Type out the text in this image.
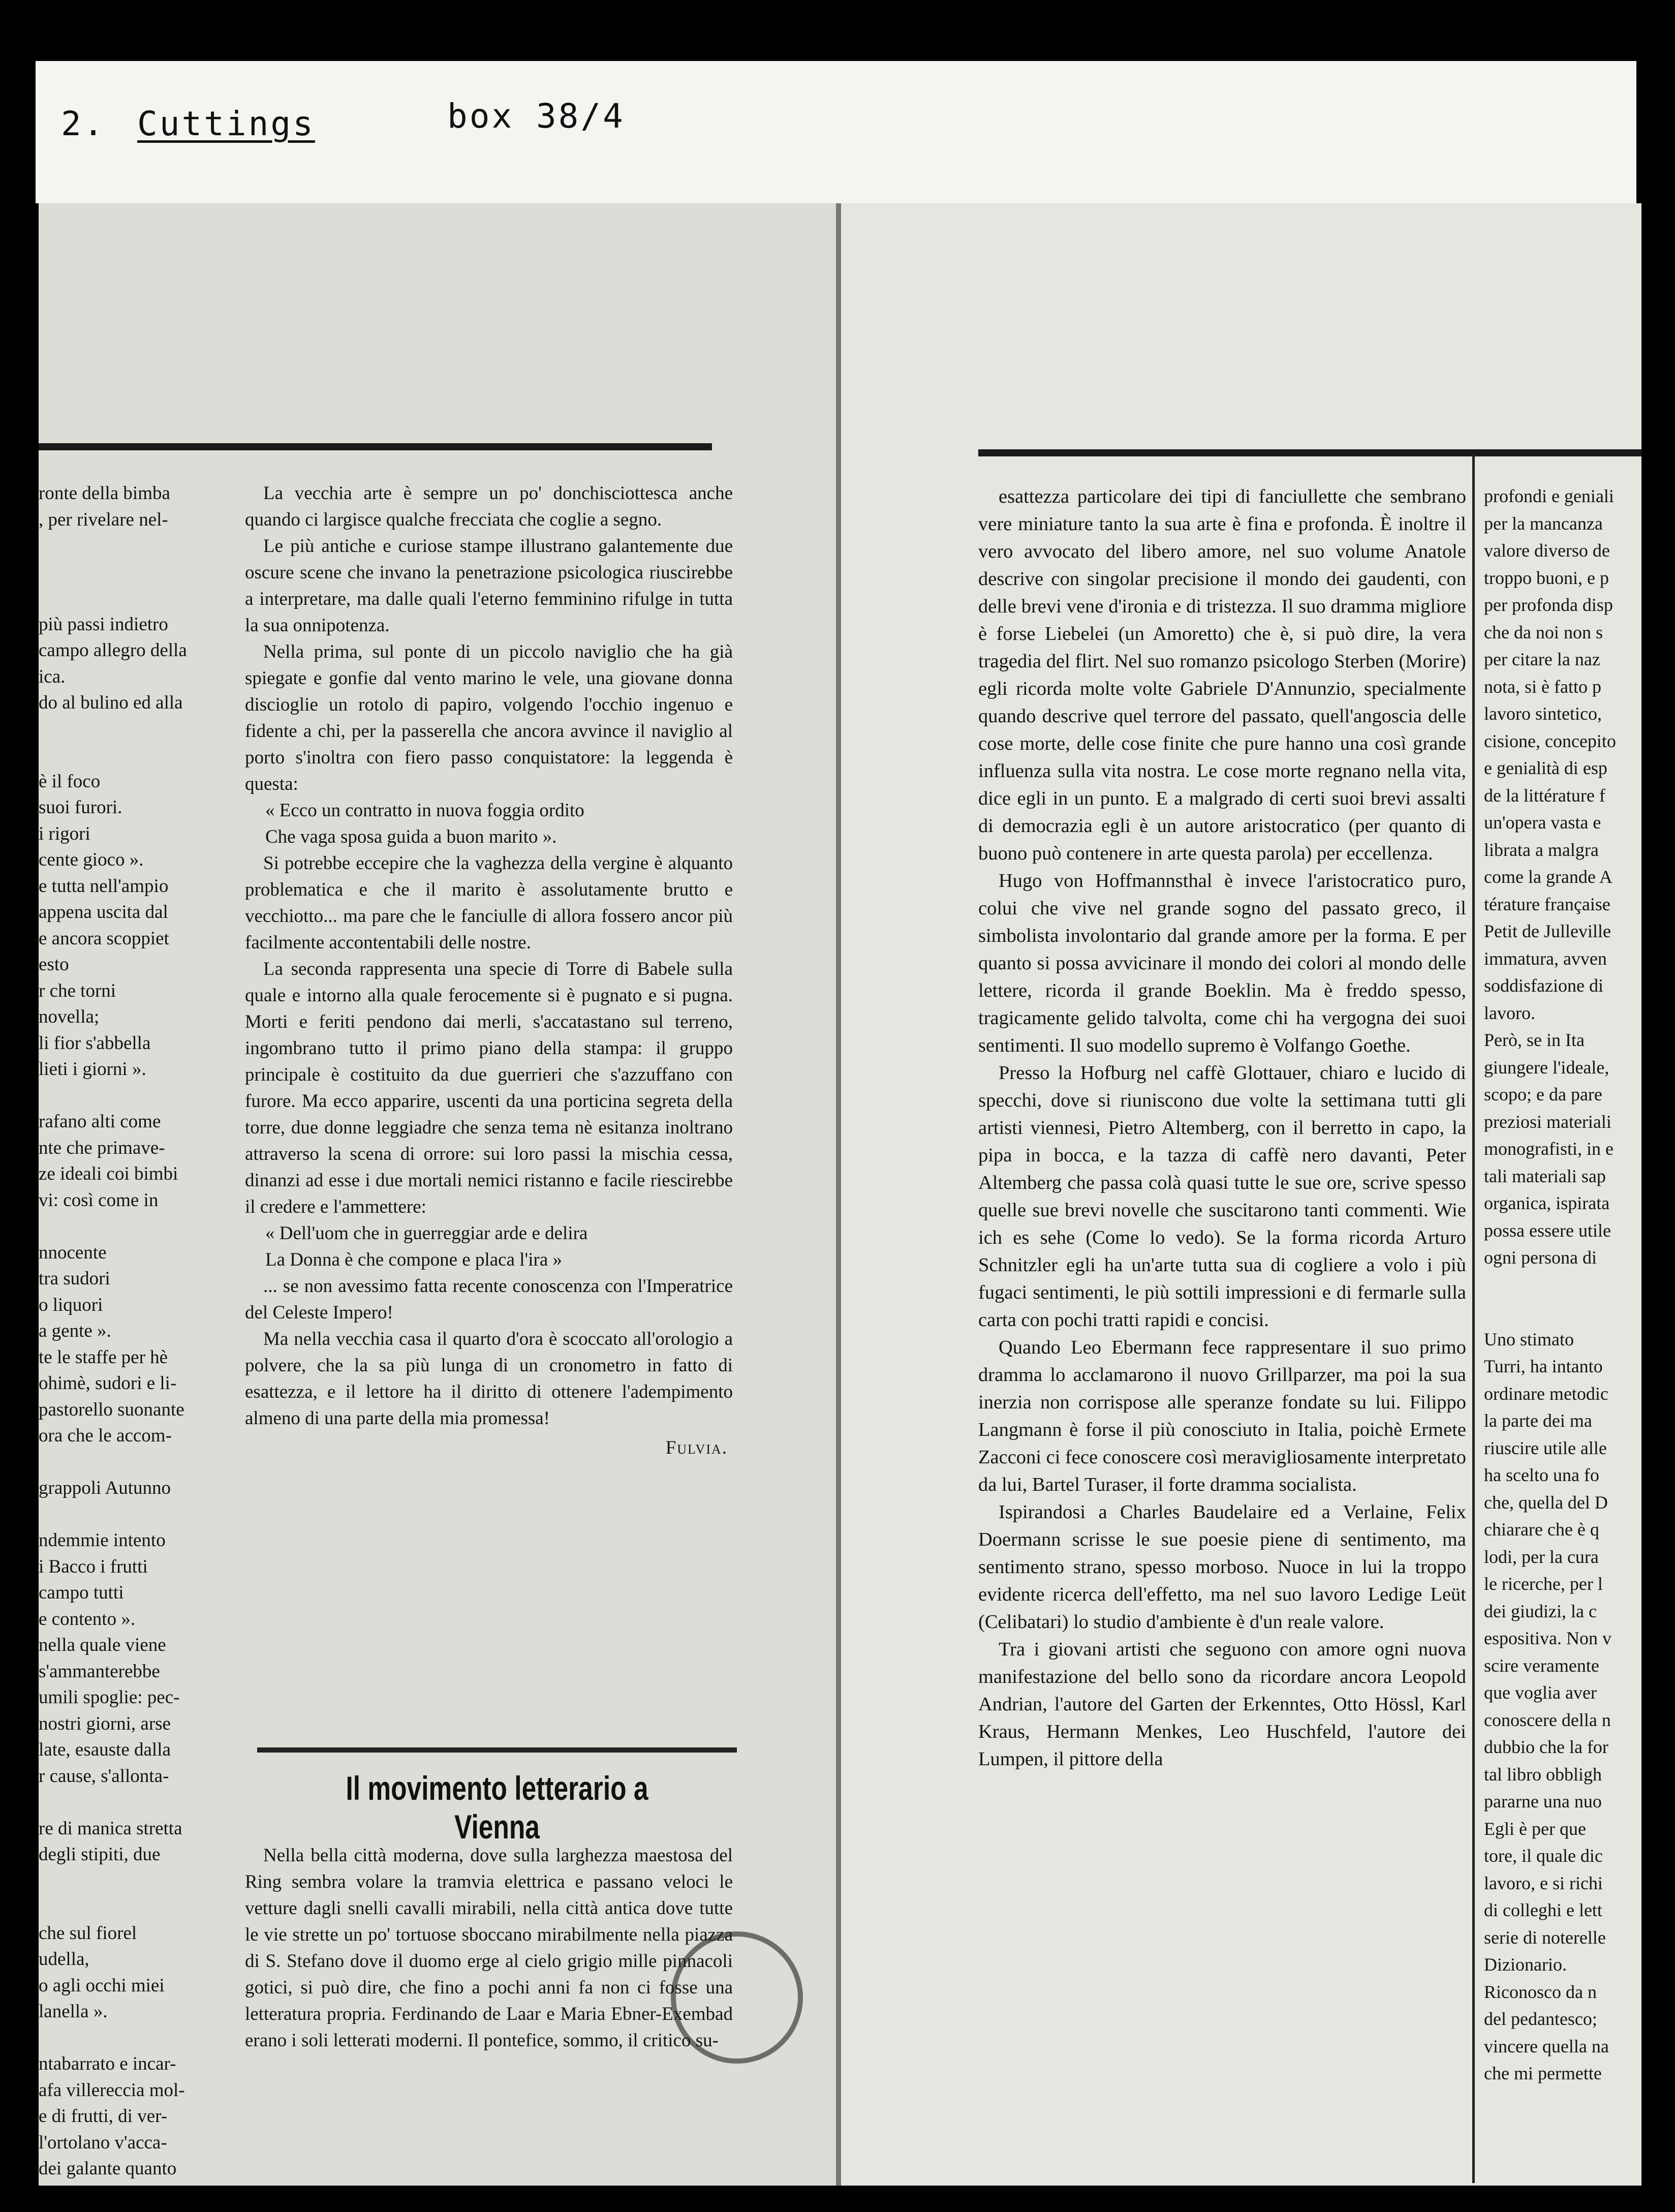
2. Cuttings	box 38/4
ronte della bimba
, per rivelare nel-

più passi indietro
campo allegro della
ica.
do al bulino ed alla

è il foco
suoi furori.
i rigori
cente gioco ».
e tutta nell'ampio
appena uscita dal
e ancora scoppiet
esto
r che torni
novella;
li fior s'abbella
lieti i giorni ».

rafano alti come
nte che primave-
ze ideali coi bimbi
vi: così come in

nnocente
tra sudori
o liquori
a gente ».
te le staffe per hè
ohimè, sudori e li-
pastorello suonante
ora che le accom-

grappoli Autunno

ndemmie intento
i Bacco i frutti
campo tutti
e contento ».
nella quale viene
s'ammanterebbe
umili spoglie: pec-
nostri giorni, arse
late, esauste dalla
r cause, s'allonta-

re di manica stretta
degli stipiti, due

che sul fiorel
udella,
o agli occhi miei
lanella ».

ntabarrato e incar-
afa villereccia mol-
e di frutti, di ver-
l'ortolano v'acca-
dei galante quanto

La vecchia arte è sempre un po' donchisciottesca anche quando ci largisce qualche frecciata che coglie a segno.

Le più antiche e curiose stampe illustrano galantemente due oscure scene che invano la penetrazione psicologica riuscirebbe a interpretare, ma dalle quali l'eterno femminino rifulge in tutta la sua onnipotenza.

Nella prima, sul ponte di un piccolo naviglio che ha già spiegate e gonfie dal vento marino le vele, una giovane donna discioglie un rotolo di papiro, volgendo l'occhio ingenuo e fidente a chi, per la passerella che ancora avvince il naviglio al porto s'inoltra con fiero passo conquistatore: la leggenda è questa:

« Ecco un contratto in nuova foggia ordito

Che vaga sposa guida a buon marito ».

Si potrebbe eccepire che la vaghezza della vergine è alquanto problematica e che il marito è assolutamente brutto e vecchiotto... ma pare che le fanciulle di allora fossero ancor più facilmente accontentabili delle nostre.

La seconda rappresenta una specie di Torre di Babele sulla quale e intorno alla quale ferocemente si è pugnato e si pugna. Morti e feriti pendono dai merli, s'accatastano sul terreno, ingombrano tutto il primo piano della stampa: il gruppo principale è costituito da due guerrieri che s'azzuffano con furore. Ma ecco apparire, uscenti da una porticina segreta della torre, due donne leggiadre che senza tema nè esitanza inoltrano attraverso la scena di orrore: sui loro passi la mischia cessa, dinanzi ad esse i due mortali nemici ristanno e facile riescirebbe il credere e l'ammettere:

« Dell'uom che in guerreggiar arde e delira

La Donna è che compone e placa l'ira »

... se non avessimo fatta recente conoscenza con l'Imperatrice del Celeste Impero!

Ma nella vecchia casa il quarto d'ora è scoccato all'orologio a polvere, che la sa più lunga di un cronometro in fatto di esattezza, e il lettore ha il diritto di ottenere l'adempimento almeno di una parte della mia promessa!

Fulvia.

Il movimento letterario a Vienna

Nella bella città moderna, dove sulla larghezza maestosa del Ring sembra volare la tramvia elettrica e passano veloci le vetture dagli snelli cavalli mirabili, nella città antica dove tutte le vie strette un po' tortuose sboccano mirabilmente nella piazza di S. Stefano dove il duomo erge al cielo grigio mille pinnacoli gotici, si può dire, che fino a pochi anni fa non ci fosse una letteratura propria. Ferdinando de Laar e Maria Ebner-Exembad erano i soli letterati moderni. Il pontefice, sommo, il critico su-

esattezza particolare dei tipi di fanciullette che sembrano vere miniature tanto la sua arte è fina e profonda. È inoltre il vero avvocato del libero amore, nel suo volume Anatole descrive con singolar precisione il mondo dei gaudenti, con delle brevi vene d'ironia e di tristezza. Il suo dramma migliore è forse Liebelei (un Amoretto) che è, si può dire, la vera tragedia del flirt. Nel suo romanzo psicologo Sterben (Morire) egli ricorda molte volte Gabriele D'Annunzio, specialmente quando descrive quel terrore del passato, quell'angoscia delle cose morte, delle cose finite che pure hanno una così grande influenza sulla vita nostra. Le cose morte regnano nella vita, dice egli in un punto. E a malgrado di certi suoi brevi assalti di democrazia egli è un autore aristocratico (per quanto di buono può contenere in arte questa parola) per eccellenza.

Hugo von Hoffmannsthal è invece l'aristocratico puro, colui che vive nel grande sogno del passato greco, il simbolista involontario dal grande amore per la forma. E per quanto si possa avvicinare il mondo dei colori al mondo delle lettere, ricorda il grande Boeklin. Ma è freddo spesso, tragicamente gelido talvolta, come chi ha vergogna dei suoi sentimenti. Il suo modello supremo è Volfango Goethe.

Presso la Hofburg nel caffè Glottauer, chiaro e lucido di specchi, dove si riuniscono due volte la settimana tutti gli artisti viennesi, Pietro Altemberg, con il berretto in capo, la pipa in bocca, e la tazza di caffè nero davanti, Peter Altemberg che passa colà quasi tutte le sue ore, scrive spesso quelle sue brevi novelle che suscitarono tanti commenti. Wie ich es sehe (Come lo vedo). Se la forma ricorda Arturo Schnitzler egli ha un'arte tutta sua di cogliere a volo i più fugaci sentimenti, le più sottili impressioni e di fermarle sulla carta con pochi tratti rapidi e concisi.

Quando Leo Ebermann fece rappresentare il suo primo dramma lo acclamarono il nuovo Grillparzer, ma poi la sua inerzia non corrispose alle speranze fondate su lui. Filippo Langmann è forse il più conosciuto in Italia, poichè Ermete Zacconi ci fece conoscere così meravigliosamente interpretato da lui, Bartel Turaser, il forte dramma socialista.

Ispirandosi a Charles Baudelaire ed a Verlaine, Felix Doermann scrisse le sue poesie piene di sentimento, ma sentimento strano, spesso morboso. Nuoce in lui la troppo evidente ricerca dell'effetto, ma nel suo lavoro Ledige Leüt (Celibatari) lo studio d'ambiente è d'un reale valore.

Tra i giovani artisti che seguono con amore ogni nuova manifestazione del bello sono da ricordare ancora Leopold Andrian, l'autore del Garten der Erkenntes, Otto Hössl, Karl Kraus, Hermann Menkes, Leo Huschfeld, l'autore dei Lumpen, il pittore della

profondi e geniali
per la mancanza
valore diverso de
troppo buoni, e p
per profonda disp
che da noi non s
per citare la naz
nota, si è fatto p
lavoro sintetico,
cisione, concepito
e genialità di esp
de la littérature f
un'opera vasta e
librata a malgra
come la grande A
térature française
Petit de Julleville
immatura, avven
soddisfazione di
lavoro.
Però, se in Ita
giungere l'ideale,
scopo; e da pare
preziosi materiali
monografisti, in e
tali materiali sap
organica, ispirata
possa essere utile
ogni persona di

Uno stimato
Turri, ha intanto
ordinare metodic
la parte dei ma
riuscire utile alle
ha scelto una fo
che, quella del D
chiarare che è q
lodi, per la cura
le ricerche, per l
dei giudizi, la c
espositiva. Non v
scire veramente
que voglia aver
conoscere della n
dubbio che la for
tal libro obbligh
pararne una nuo
Egli è per que
tore, il quale dic
lavoro, e si richi
di colleghi e lett
serie di noterelle
Dizionario.
Riconosco da n
del pedantesco;
vincere quella na
che mi permette
